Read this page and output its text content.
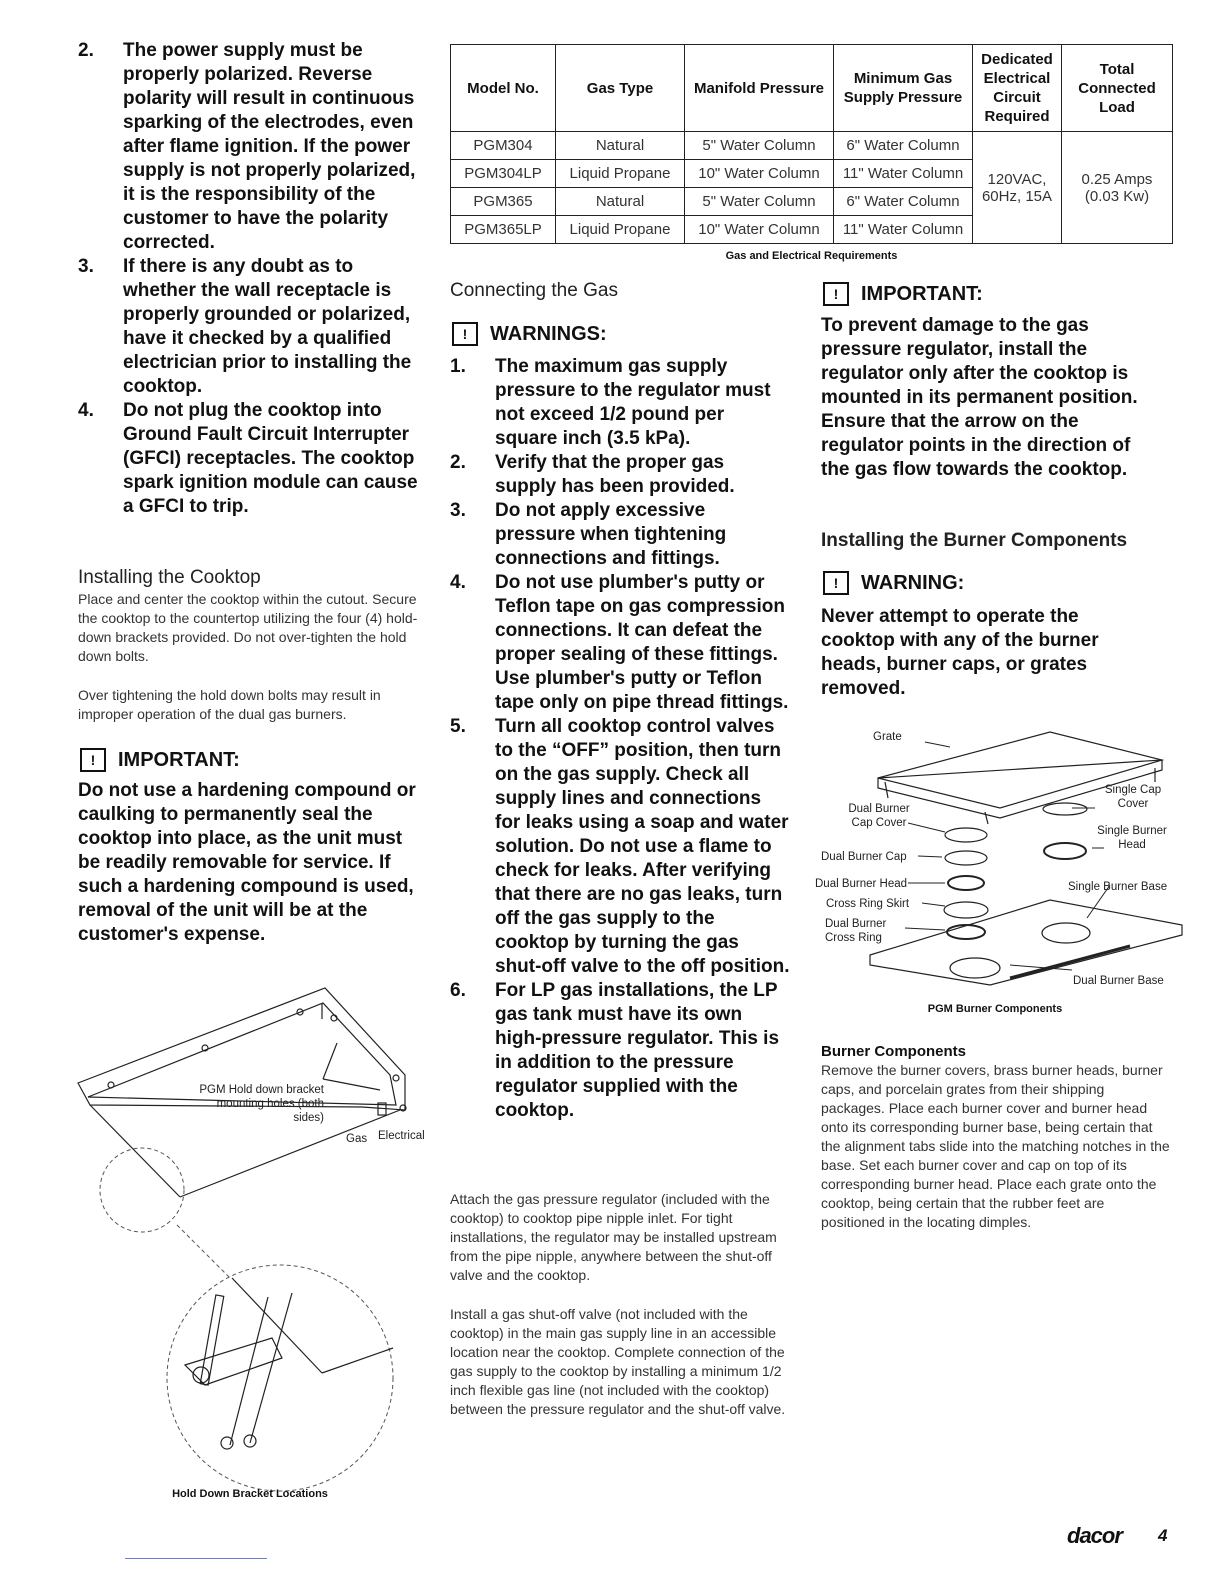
2. The power supply must be properly polarized. Reverse polarity will result in continuous sparking of the electrodes, even after flame ignition. If the power supply is not properly polarized, it is the responsibility of the customer to have the polarity corrected.
3. If there is any doubt as to whether the wall receptacle is properly grounded or polarized, have it checked by a qualified electrician prior to installing the cooktop.
4. Do not plug the cooktop into Ground Fault Circuit Interrupter (GFCI) receptacles. The cooktop spark ignition module can cause a GFCI to trip.
Installing the Cooktop
Place and center the cooktop within the cutout. Secure the cooktop to the countertop utilizing the four (4) hold-down brackets provided. Do not over-tighten the hold down bolts.
Over tightening the hold down bolts may result in improper operation of the dual gas burners.
!	IMPORTANT:
Do not use a hardening compound or caulking to permanently seal the cooktop into place, as the unit must be readily removable for service. If such a hardening compound is used, removal of the unit will be at the customer's expense.
PGM Hold down bracket mounting holes (both sides)
Gas Electrical
Hold Down Bracket Locations
Model No.	Gas Type	Manifold Pressure	Minimum Gas Supply Pressure	Dedicated Electrical Circuit Required	Total Connected Load
PGM304	Natural	5" Water Column	6" Water Column	120VAC, 60Hz, 15A	0.25 Amps (0.03 Kw)
PGM304LP	Liquid Propane	10" Water Column	11" Water Column		
PGM365	Natural	5" Water Column	6" Water Column		
PGM365LP	Liquid Propane	10" Water Column	11" Water Column		
Gas and Electrical Requirements
Connecting the Gas
!	WARNINGS:
1. The maximum gas supply pressure to the regulator must not exceed 1/2 pound per square inch (3.5 kPa).
2. Verify that the proper gas supply has been provided.
3. Do not apply excessive pressure when tightening connections and fittings.
4. Do not use plumber's putty or Teflon tape on gas compression connections. It can defeat the proper sealing of these fittings. Use plumber's putty or Teflon tape only on pipe thread fittings.
5. Turn all cooktop control valves to the “OFF” position, then turn on the gas supply. Check all supply lines and connections for leaks using a soap and water solution. Do not use a flame to check for leaks. After verifying that there are no gas leaks, turn off the gas supply to the cooktop by turning the gas shut-off valve to the off position.
6. For LP gas installations, the LP gas tank must have its own high-pressure regulator. This is in addition to the pressure regulator supplied with the cooktop.
Attach the gas pressure regulator (included with the cooktop) to cooktop pipe nipple inlet. For tight installations, the regulator may be installed upstream from the pipe nipple, anywhere between the shut-off valve and the cooktop.
Install a gas shut-off valve (not included with the cooktop) in the main gas supply line in an accessible location near the cooktop. Complete connection of the gas supply to the cooktop by installing a minimum 1/2 inch flexible gas line (not included with the cooktop) between the pressure regulator and the shut-off valve.
!	IMPORTANT:
To prevent damage to the gas pressure regulator, install the regulator only after the cooktop is mounted in its permanent position. Ensure that the arrow on the regulator points in the direction of the gas flow towards the cooktop.
Installing the Burner Components
!	WARNING:
Never attempt to operate the cooktop with any of the burner heads, burner caps, or grates removed.
Grate
Single Cap Cover
Dual Burner Cap Cover
Single Burner Head
Dual Burner Cap
Dual Burner Head	Single Burner Base
Cross Ring Skirt
Dual Burner Cross Ring
Dual Burner Base
PGM Burner Components
Burner Components
Remove the burner covers, brass burner heads, burner caps, and porcelain grates from their shipping packages. Place each burner cover and burner head onto its corresponding burner base, being certain that the alignment tabs slide into the matching notches in the base. Set each burner cover and cap on top of its corresponding burner head. Place each grate onto the cooktop, being certain that the rubber feet are positioned in the locating dimples.
dacor 4
